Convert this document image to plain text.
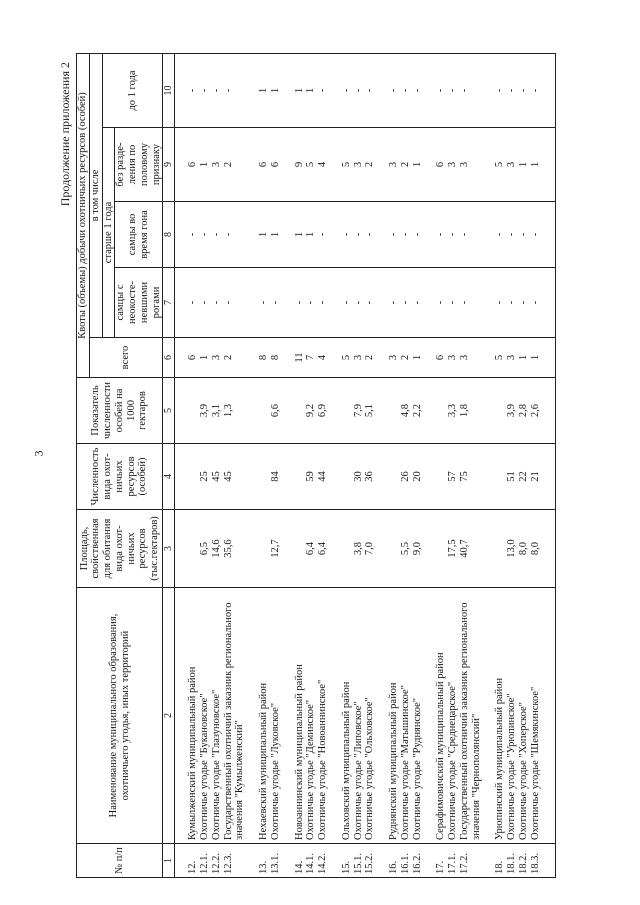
3
Продолжение приложения 2
№ п/п	Наименование муниципального образования, охотничьего угодья, иных территорий	Площадь, свойственная для обитания вида охот-ничьих ресурсов (тыс.гектаров)	Численность вида охот-ничьих ресурсов (особей)	Показатель численности особей на 1000 гектаров	Квоты (объемы) добычи охотничьих ресурсов (особей)				
					всего	в том числе			
						старше 1 года			до 1 года
						самцы с неокосте-невшими рогами	самцы во время гона	без разде-ления по половому признаку	
1	2	3	4	5	6	7	8	9	10

12.	Кумылженский муниципальный район				6	-	-	6	-
12.1.	Охотничье угодье "Букановское"	6,5	25	3,9	1	-	-	1	-
12.2.	Охотничье угодье "Глазуновское"	14,6	45	3,1	3	-	-	3	-
12.3.	Государственный охотничий заказник регионального значения "Кумылженский"	35,6	45	1,3	2	-	-	2	-

13.	Нехаевский муниципальный район				8	-	1	6	1
13.1.	Охотничье угодье "Луковское"	12,7	84	6,6	8	-	1	6	1

14.	Новоаннинский муниципальный район				11	-	1	9	1
14.1.	Охотничье угодье "Деминское"	6,4	59	9,2	7	-	1	5	1
14.2.	Охотничье угодье "Новоаннинское"	6,4	44	6,9	4	-	-	4	-

15.	Ольховский муниципальный район				5	-	-	5	-
15.1.	Охотничье угодье "Липовское"	3,8	30	7,9	3	-	-	3	-
15.2.	Охотничье угодье "Ольховское"	7,0	36	5,1	2	-	-	2	-

16.	Руднянский муниципальный район				3	-	-	3	-
16.1.	Охотничье угодье "Матышинское"	5,5	26	4,8	2	-	-	2	-
16.2.	Охотничье угодье "Руднянское"	9,0	20	2,2	1	-	-	1	-

17.	Серафимовичский муниципальный район				6	-	-	6	-
17.1.	Охотничье угодье "Среднецарское"	17,5	57	3,3	3	-	-	3	-
17.2.	Государственный охотничий заказник регионального значения "Чернополянский"	40,7	75	1,8	3	-	-	3	-

18.	Урюпинский муниципальный район				5	-	-	5	-
18.1.	Охотничье угодье "Урюпинское"	13,0	51	3,9	3	-	-	3	-
18.2.	Охотничье угодье "Хоперское"	8,0	22	2,8	1	-	-	1	-
18.3.	Охотничье угодье "Шемякинское"	8,0	21	2,6	1	-	-	1	-
